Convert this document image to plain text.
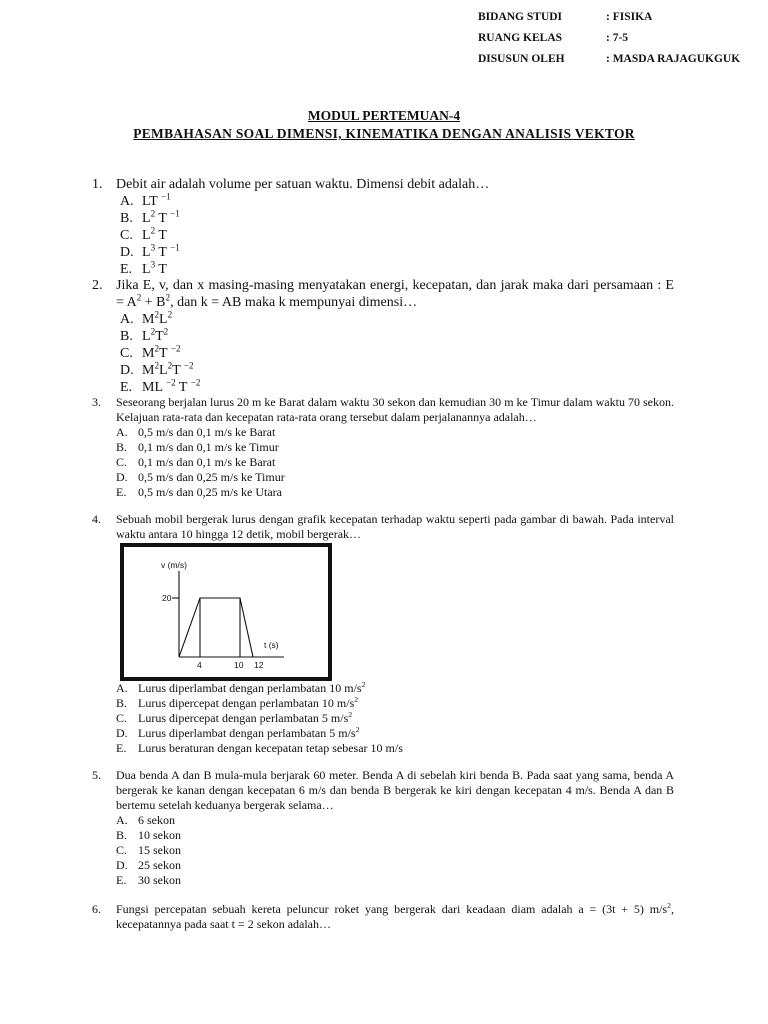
BIDANG STUDI	: FISIKA
RUANG KELAS	: 7-5
DISUSUN OLEH	: MASDA RAJAGUKGUK
MODUL PERTEMUAN-4
PEMBAHASAN SOAL DIMENSI, KINEMATIKA DENGAN ANALISIS VEKTOR
1. Debit air adalah volume per satuan waktu. Dimensi debit adalah…
A. LT $^{-1}$
B. $L^2$ T $^{-1}$
C. $L^2$ T
D. $L^3$ T $^{-1}$
E. $L^3$ T
2. Jika E, v, dan x masing-masing menyatakan energi, kecepatan, dan jarak maka dari persamaan : $E = A^2 + B^2$, dan k = AB maka k mempunyai dimensi…
A. $M^2L^2$
B. $L^2T^2$
C. $M^2T$ $^{-2}$
D. $M^2L^2T$ $^{-2}$
E. ML $^{-2}$ T $^{-2}$
3. Seseorang berjalan lurus 20 m ke Barat dalam waktu 30 sekon dan kemudian 30 m ke Timur dalam waktu 70 sekon. Kelajuan rata-rata dan kecepatan rata-rata orang tersebut dalam perjalanannya adalah…
A. 0,5 m/s dan 0,1 m/s ke Barat
B. 0,1 m/s dan 0,1 m/s ke Timur
C. 0,1 m/s dan 0,1 m/s ke Barat
D. 0,5 m/s dan 0,25 m/s ke Timur
E. 0,5 m/s dan 0,25 m/s ke Utara
4. Sebuah mobil bergerak lurus dengan grafik kecepatan terhadap waktu seperti pada gambar di bawah. Pada interval waktu antara 10 hingga 12 detik, mobil bergerak…
A. Lurus diperlambat dengan perlambatan 10 $m/s^2$
B. Lurus dipercepat dengan perlambatan 10 $m/s^2$
C. Lurus dipercepat dengan perlambatan 5 $m/s^2$
D. Lurus diperlambat dengan perlambatan 5 $m/s^2$
E. Lurus beraturan dengan kecepatan tetap sebesar 10 m/s
5. Dua benda A dan B mula-mula berjarak 60 meter. Benda A di sebelah kiri benda B. Pada saat yang sama, benda A bergerak ke kanan dengan kecepatan 6 m/s dan benda B bergerak ke kiri dengan kecepatan 4 m/s. Benda A dan B bertemu setelah keduanya bergerak selama…
A. 6 sekon
B. 10 sekon
C. 15 sekon
D. 25 sekon
E. 30 sekon
6. Fungsi percepatan sebuah kereta peluncur roket yang bergerak dari keadaan diam adalah a = (3t + 5) $m/s^2$, kecepatannya pada saat t = 2 sekon adalah…
v (m/s)
20
t (s)
4	10 12
